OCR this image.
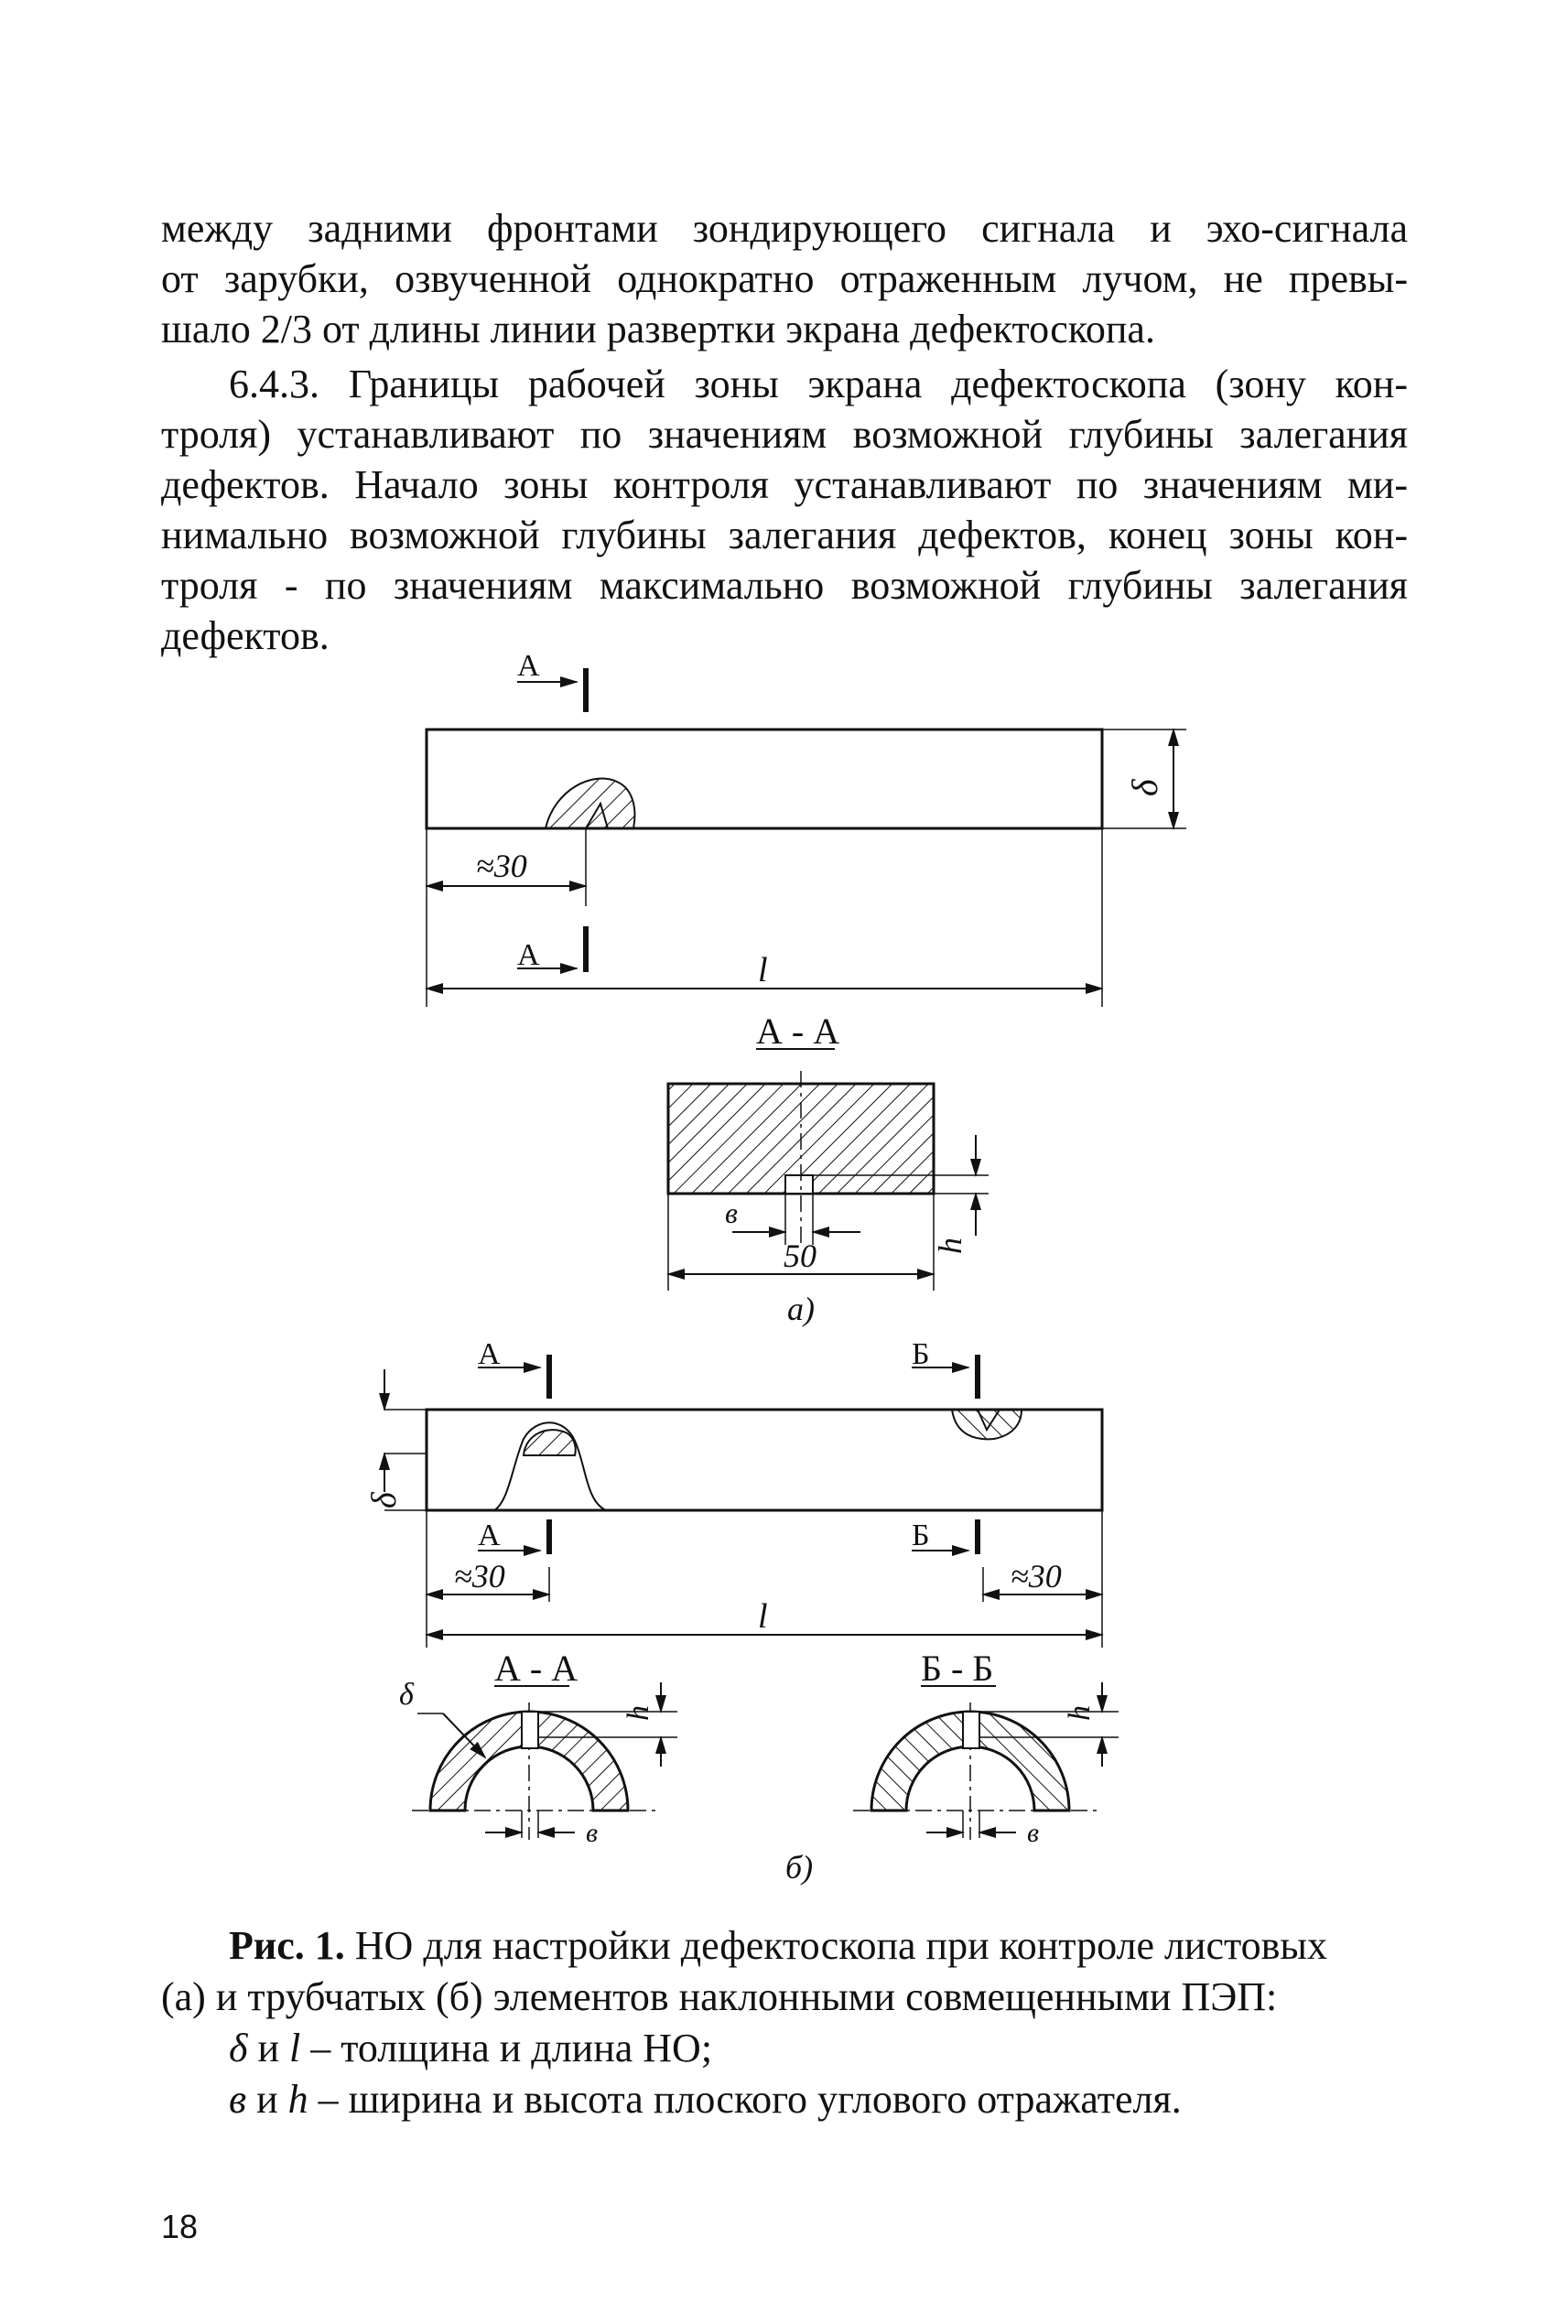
между задними фронтами зондирующего сигнала и эхо-сигнала
от зарубки, озвученной однократно отраженным лучом, не превы-
шало 2/3 от длины линии развертки экрана дефектоскопа.
6.4.3. Границы рабочей зоны экрана дефектоскопа (зону кон-
троля) устанавливают по значениям возможной глубины залегания
дефектов. Начало зоны контроля устанавливают по значениям ми-
нимально возможной глубины залегания дефектов, конец зоны кон-
троля - по значениям максимально возможной глубины залегания
дефектов.
А
δ
≈30
А	l
А - А
h
в
50
а)
А	Б
δ
А	Б
≈30	≈30
l
А - А	Б - Б
δ
h
в
h
в
б)

Рис. 1. НО для настройки дефектоскопа при контроле листовых

(а) и трубчатых (б) элементов наклонными совмещенными ПЭП:

δ и l – толщина и длина НО;

в и h – ширина и высота плоского углового отражателя.

18
